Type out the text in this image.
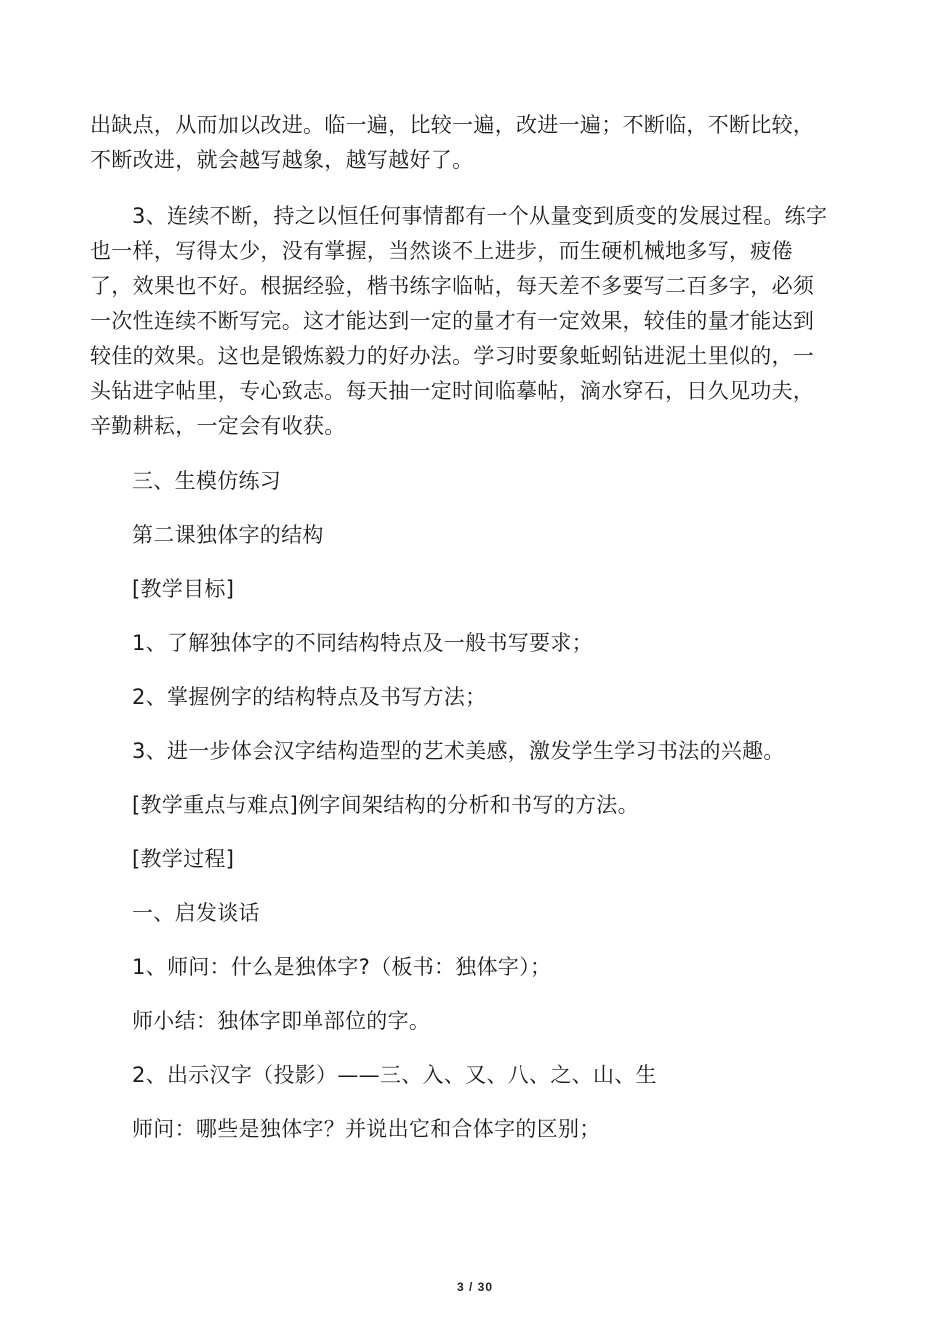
出缺点，从而加以改进。临一遍，比较一遍，改进一遍；不断临，不断比较，
不断改进，就会越写越象，越写越好了。

3、连续不断，持之以恒任何事情都有一个从量变到质变的发展过程。练字
也一样，写得太少，没有掌握，当然谈不上进步，而生硬机械地多写，疲倦
了，效果也不好。根据经验，楷书练字临帖，每天差不多要写二百多字，必须
一次性连续不断写完。这才能达到一定的量才有一定效果，较佳的量才能达到
较佳的效果。这也是锻炼毅力的好办法。学习时要象蚯蚓钻进泥土里似的，一
头钻进字帖里，专心致志。每天抽一定时间临摹帖，滴水穿石，日久见功夫，
辛勤耕耘，一定会有收获。

三、生模仿练习

第二课独体字的结构

[教学目标]

1、了解独体字的不同结构特点及一般书写要求；

2、掌握例字的结构特点及书写方法；

3、进一步体会汉字结构造型的艺术美感，激发学生学习书法的兴趣。

[教学重点与难点]例字间架结构的分析和书写的方法。

[教学过程]

一、启发谈话

1、师问：什么是独体字?（板书：独体字）；

师小结：独体字即单部位的字。

2、出示汉字（投影）——三、入、又、八、之、山、生

师问：哪些是独体字？并说出它和合体字的区别；

3 / 30
